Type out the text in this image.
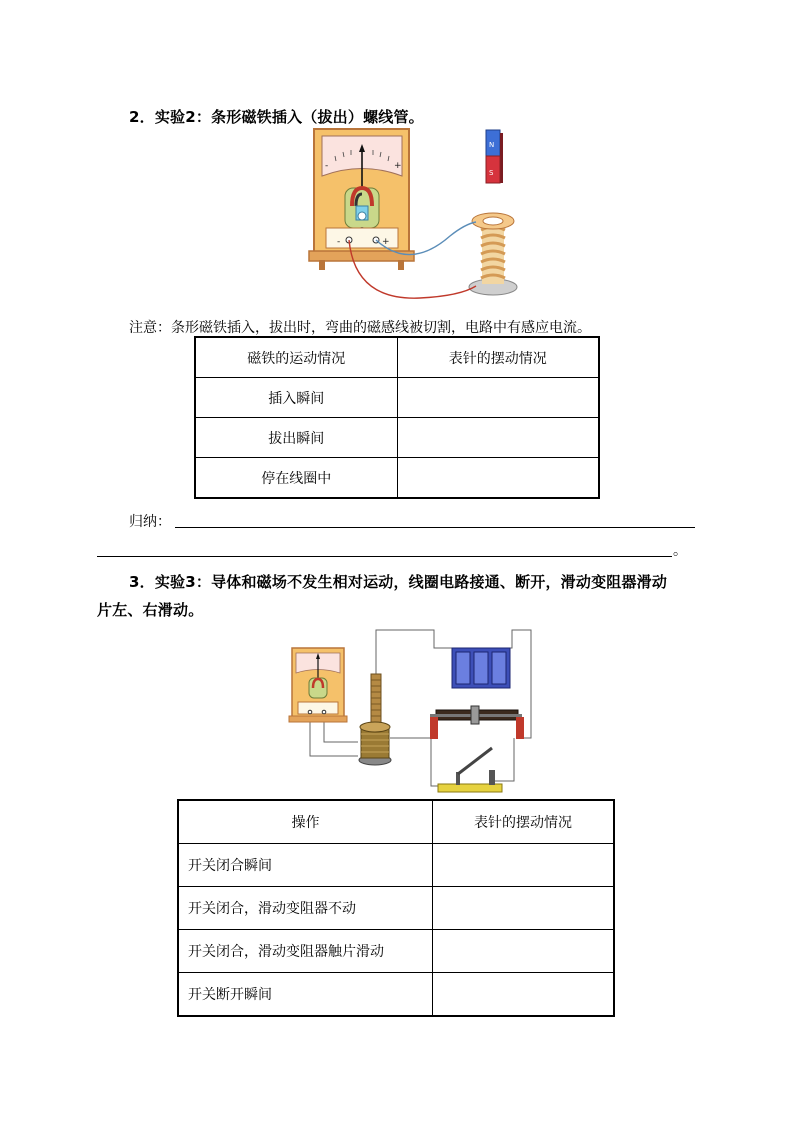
2．实验2：条形磁铁插入（拔出）螺线管。
-	+
-	+
N
S
注意：条形磁铁插入，拔出时，弯曲的磁感线被切割，电路中有感应电流。
磁铁的运动情况	表针的摆动情况
插入瞬间	
拔出瞬间	
停在线圈中	
归纳：
。
3．实验3：导体和磁场不发生相对运动，线圈电路接通、断开，滑动变阻器滑动
片左、右滑动。
操作	表针的摆动情况
开关闭合瞬间	
开关闭合，滑动变阻器不动	
开关闭合，滑动变阻器触片滑动	
开关断开瞬间	
